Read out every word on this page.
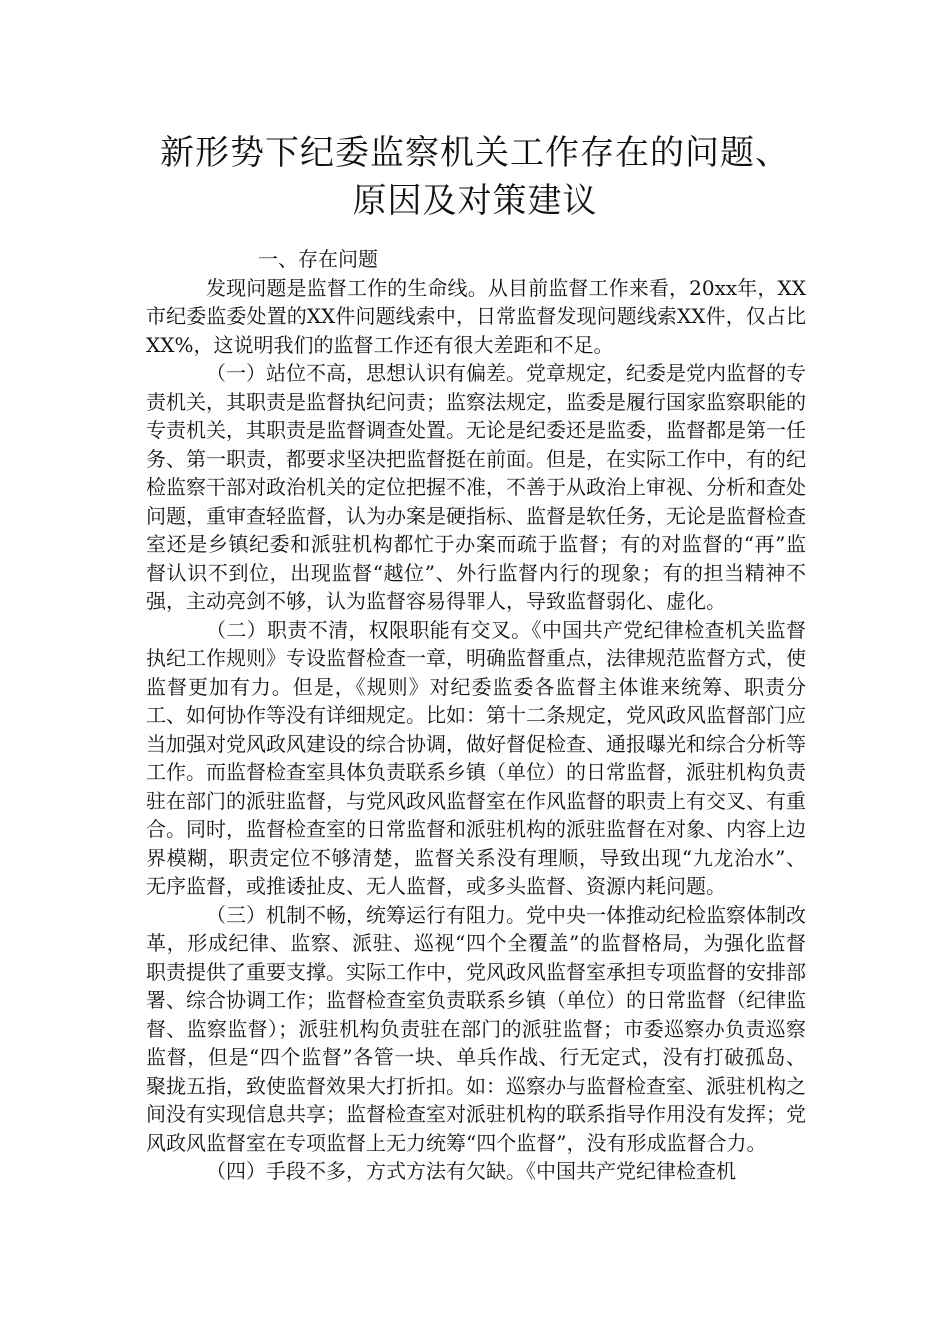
新形势下纪委监察机关工作存在的问题、
原因及对策建议

一、存在问题

发现问题是监督工作的生命线。从目前监督工作来看，20xx年，XX市纪委监委处置的XX件问题线索中，日常监督发现问题线索XX件，仅占比XX%，这说明我们的监督工作还有很大差距和不足。

（一）站位不高，思想认识有偏差。党章规定，纪委是党内监督的专责机关，其职责是监督执纪问责；监察法规定，监委是履行国家监察职能的专责机关，其职责是监督调查处置。无论是纪委还是监委，监督都是第一任务、第一职责，都要求坚决把监督挺在前面。但是，在实际工作中，有的纪检监察干部对政治机关的定位把握不准，不善于从政治上审视、分析和查处问题，重审查轻监督，认为办案是硬指标、监督是软任务，无论是监督检查室还是乡镇纪委和派驻机构都忙于办案而疏于监督；有的对监督的“再”监督认识不到位，出现监督“越位”、外行监督内行的现象；有的担当精神不强，主动亮剑不够，认为监督容易得罪人，导致监督弱化、虚化。

（二）职责不清，权限职能有交叉。《中国共产党纪律检查机关监督执纪工作规则》专设监督检查一章，明确监督重点，法律规范监督方式，使监督更加有力。但是，《规则》对纪委监委各监督主体谁来统筹、职责分工、如何协作等没有详细规定。比如：第十二条规定，党风政风监督部门应当加强对党风政风建设的综合协调，做好督促检查、通报曝光和综合分析等工作。而监督检查室具体负责联系乡镇（单位）的日常监督，派驻机构负责驻在部门的派驻监督，与党风政风监督室在作风监督的职责上有交叉、有重合。同时，监督检查室的日常监督和派驻机构的派驻监督在对象、内容上边界模糊，职责定位不够清楚，监督关系没有理顺，导致出现“九龙治水”、无序监督，或推诿扯皮、无人监督，或多头监督、资源内耗问题。

（三）机制不畅，统筹运行有阻力。党中央一体推动纪检监察体制改革，形成纪律、监察、派驻、巡视“四个全覆盖”的监督格局，为强化监督职责提供了重要支撑。实际工作中，党风政风监督室承担专项监督的安排部署、综合协调工作；监督检查室负责联系乡镇（单位）的日常监督（纪律监督、监察监督）；派驻机构负责驻在部门的派驻监督；市委巡察办负责巡察监督，但是“四个监督”各管一块、单兵作战、行无定式，没有打破孤岛、聚拢五指，致使监督效果大打折扣。如：巡察办与监督检查室、派驻机构之间没有实现信息共享；监督检查室对派驻机构的联系指导作用没有发挥；党风政风监督室在专项监督上无力统筹“四个监督”，没有形成监督合力。

（四）手段不多，方式方法有欠缺。《中国共产党纪律检查机
